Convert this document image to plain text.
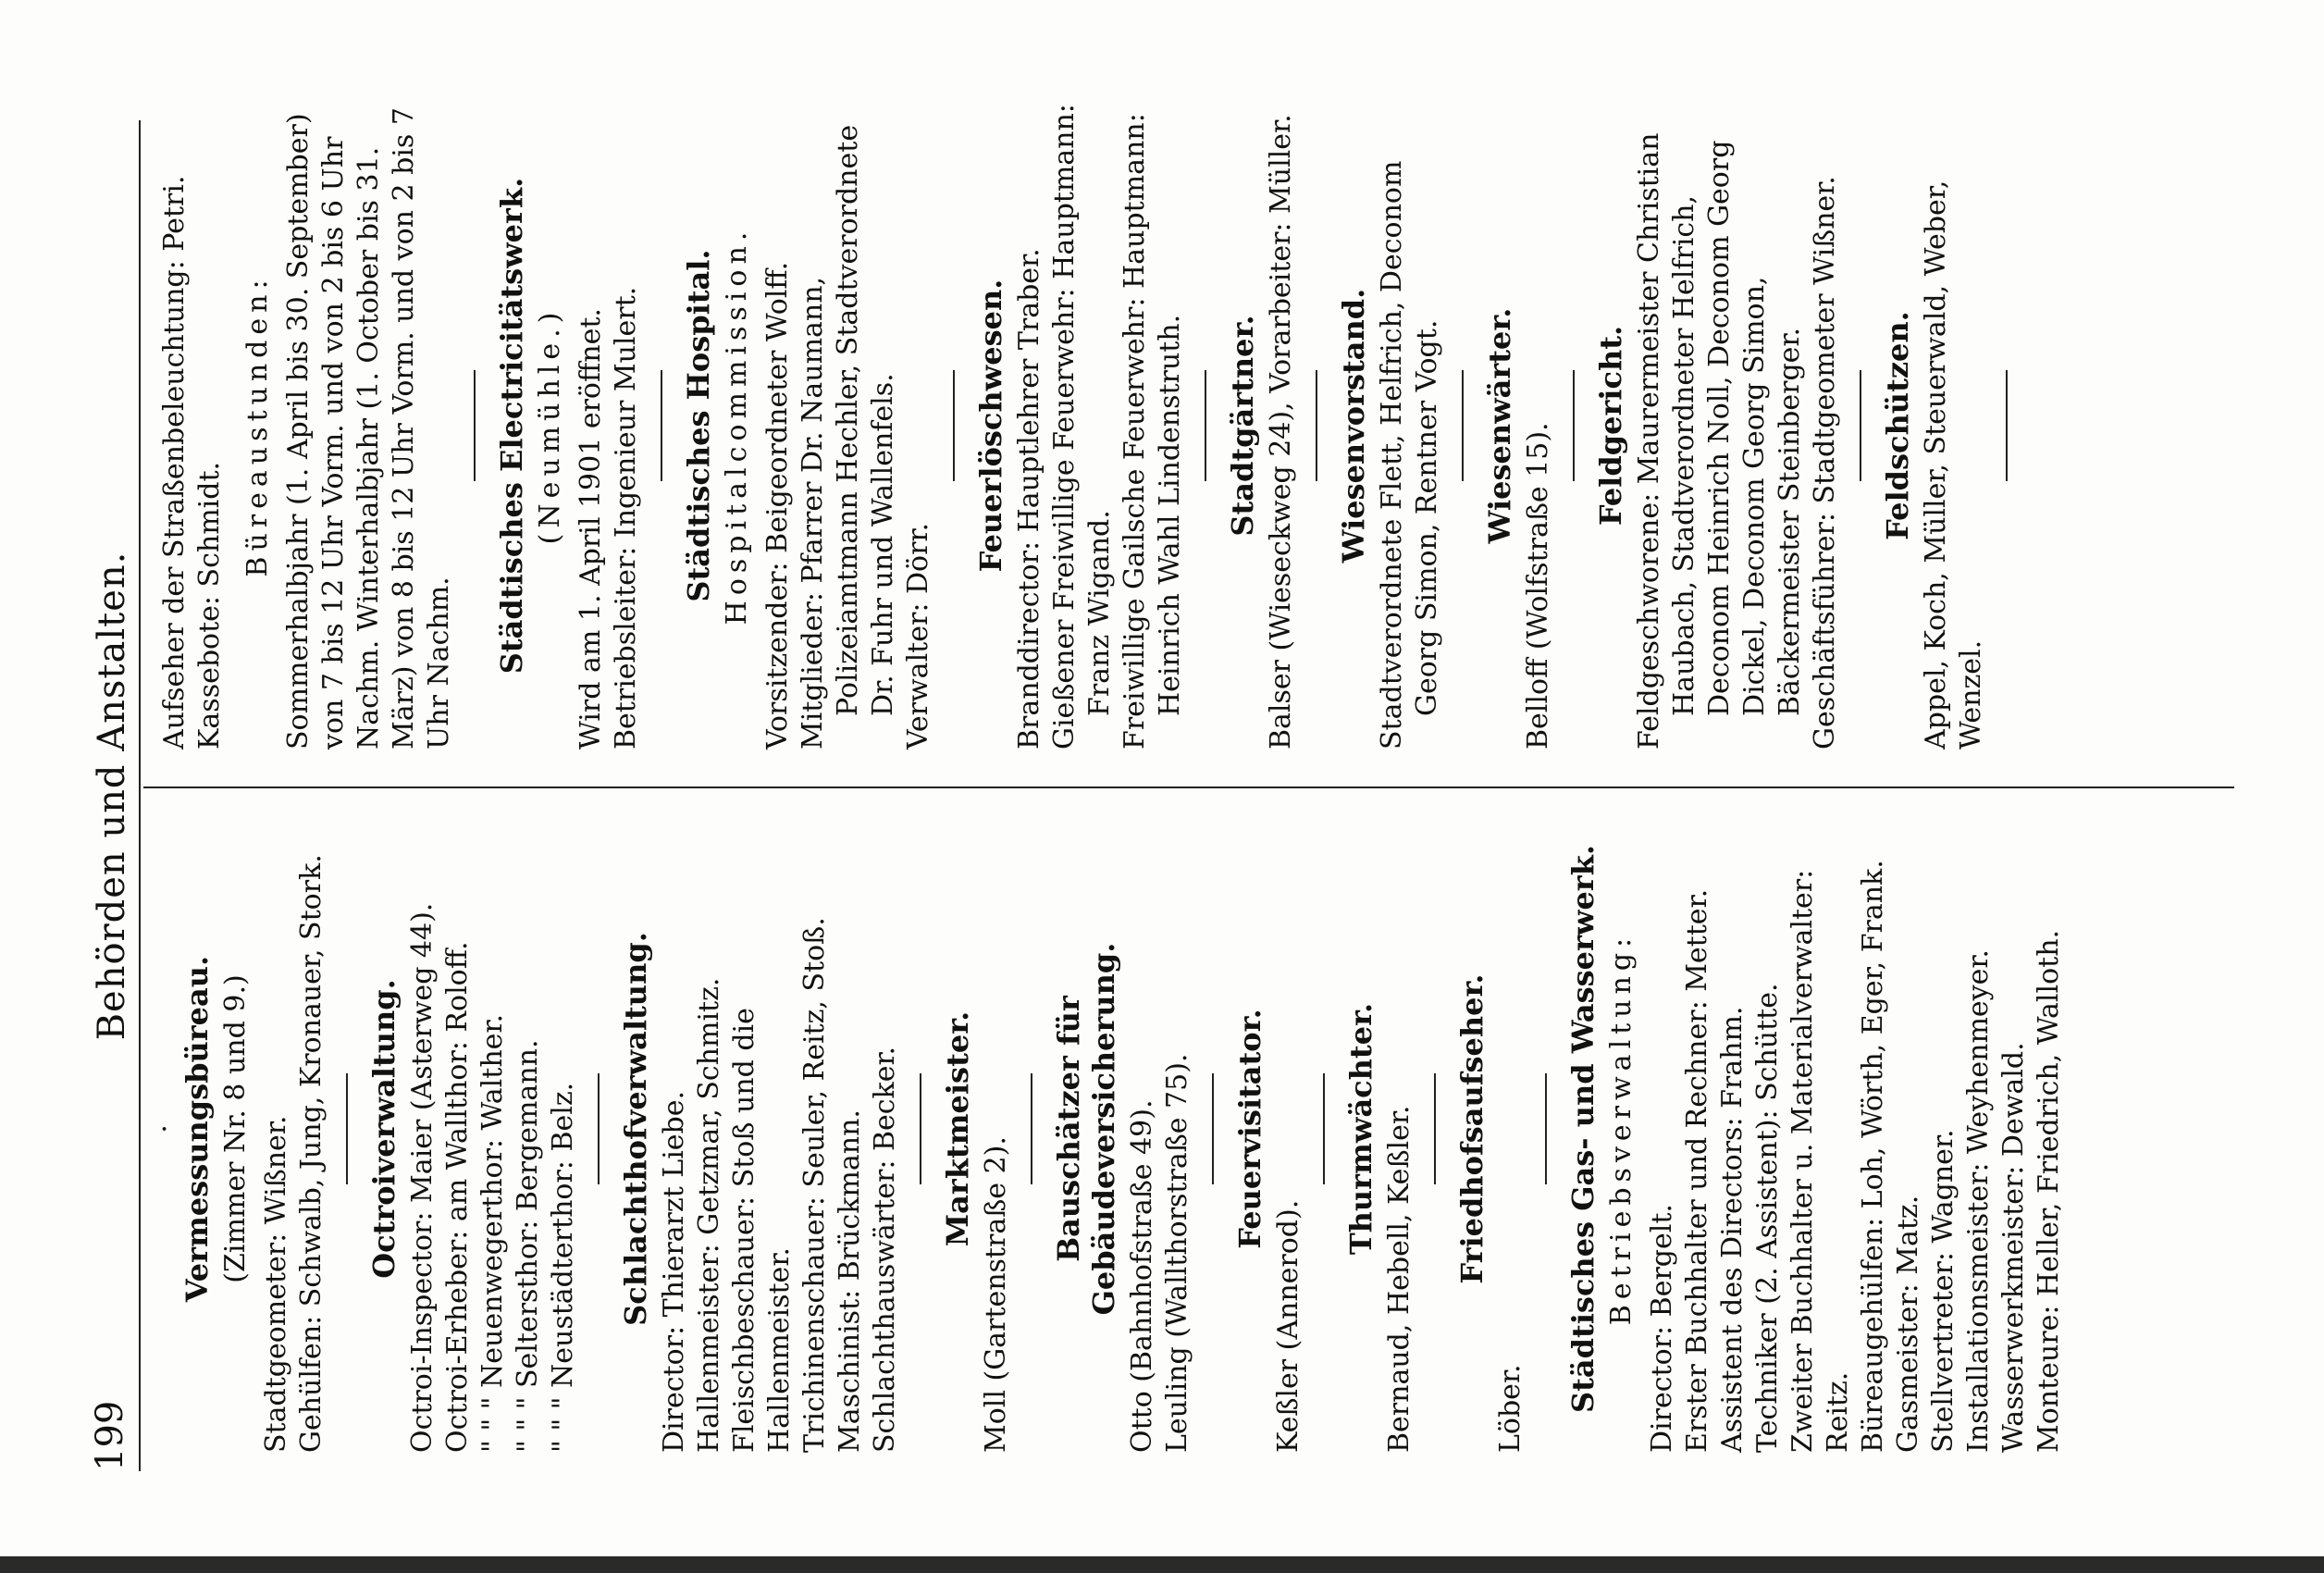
199
Behörden und Anstalten.
·
Vermessungsbüreau. (Zimmer Nr. 8 und 9.) Stadtgeometer: Wißner. Gehülfen: Schwalb, Jung, Kronauer, Stork. Octroiverwaltung. Octroi-Inspector: Maier (Asterweg 44). Octroi-Erheber: am Wallthor: Roloff. " " " Neuenwegerthor: Walther. " " " Seltersthor: Bergemann. " " " Neustädterthor: Belz. Schlachthofverwaltung. Director: Thierarzt Liebe. Hallenmeister: Getzmar, Schmitz. Fleischbeschauer: Stoß und die Hallenmeister. Trichinenschauer: Seuler, Reitz, Stoß. Maschinist: Brückmann. Schlachthauswärter: Becker. Marktmeister.
Moll (Gartenstraße 2).
Bauschätzer für Gebäudeversicherung. Otto (Bahnhofstraße 49). Leuling (Wallthorstraße 75). Feuervisitator.
Keßler (Annerod).
Thurmwächter. Bernaud, Hebell, Keßler. Friedhofsaufseher.
Löber. Städtisches Gas- und Wasserwerk. Betriebsverwaltung:
Director: Bergelt. Erster Buchhalter und Rechner: Metter. Assistent des Directors: Frahm. Techniker (2. Assistent): Schütte. Zweiter Buchhalter u. Materialverwalter: Reitz. Büreaugehülfen: Loh, Wörth, Eger, Frank. Gasmeister: Matz. Stellvertreter: Wagner. Installationsmeister: Weyhenmeyer. Wasserwerkmeister: Dewald. Monteure: Heller, Friedrich, Walloth.
Aufseher der Straßenbeleuchtung: Petri. Kassebote: Schmidt.
Büreaustunden: Sommerhalbjahr (1. April bis 30. September) von 7 bis 12 Uhr Vorm. und von 2 bis 6 Uhr Nachm. Winterhalbjahr (1. October bis 31. März) von 8 bis 12 Uhr Vorm. und von 2 bis 7 Uhr Nachm. Städtisches Electricitätswerk. (Neumühle.) Wird am 1. April 1901 eröffnet. Betriebsleiter: Ingenieur Mulert. Städtisches Hospital. Hospitalcommission. Vorsitzender: Beigeordneter Wolff. Mitglieder: Pfarrer Dr. Naumann, Polizeiamtmann Hechler, Stadtverordnete Dr. Fuhr und Wallenfels. Verwalter: Dörr.
Feuerlöschwesen. Branddirector: Hauptlehrer Traber. Gießener Freiwillige Feuerwehr: Hauptmann: Franz Wigand. Freiwillige Gailsche Feuerwehr: Hauptmann: Heinrich Wahl Lindenstruth. Stadtgärtner. Balser (Wieseckweg 24), Vorarbeiter: Müller. Wiesenvorstand. Stadtverordnete Flett, Helfrich, Deconom Georg Simon, Rentner Vogt. Wiesenwärter. Belloff (Wolfstraße 15). Feldgericht. Feldgeschworene: Maurermeister Christian Haubach, Stadtverordneter Helfrich, Deconom Heinrich Noll, Deconom Georg Dickel, Deconom Georg Simon, Bäckermeister Steinberger. Geschäftsführer: Stadtgeometer Wißner. Feldschützen. Appel, Koch, Müller, Steuerwald, Weber, Wenzel.
